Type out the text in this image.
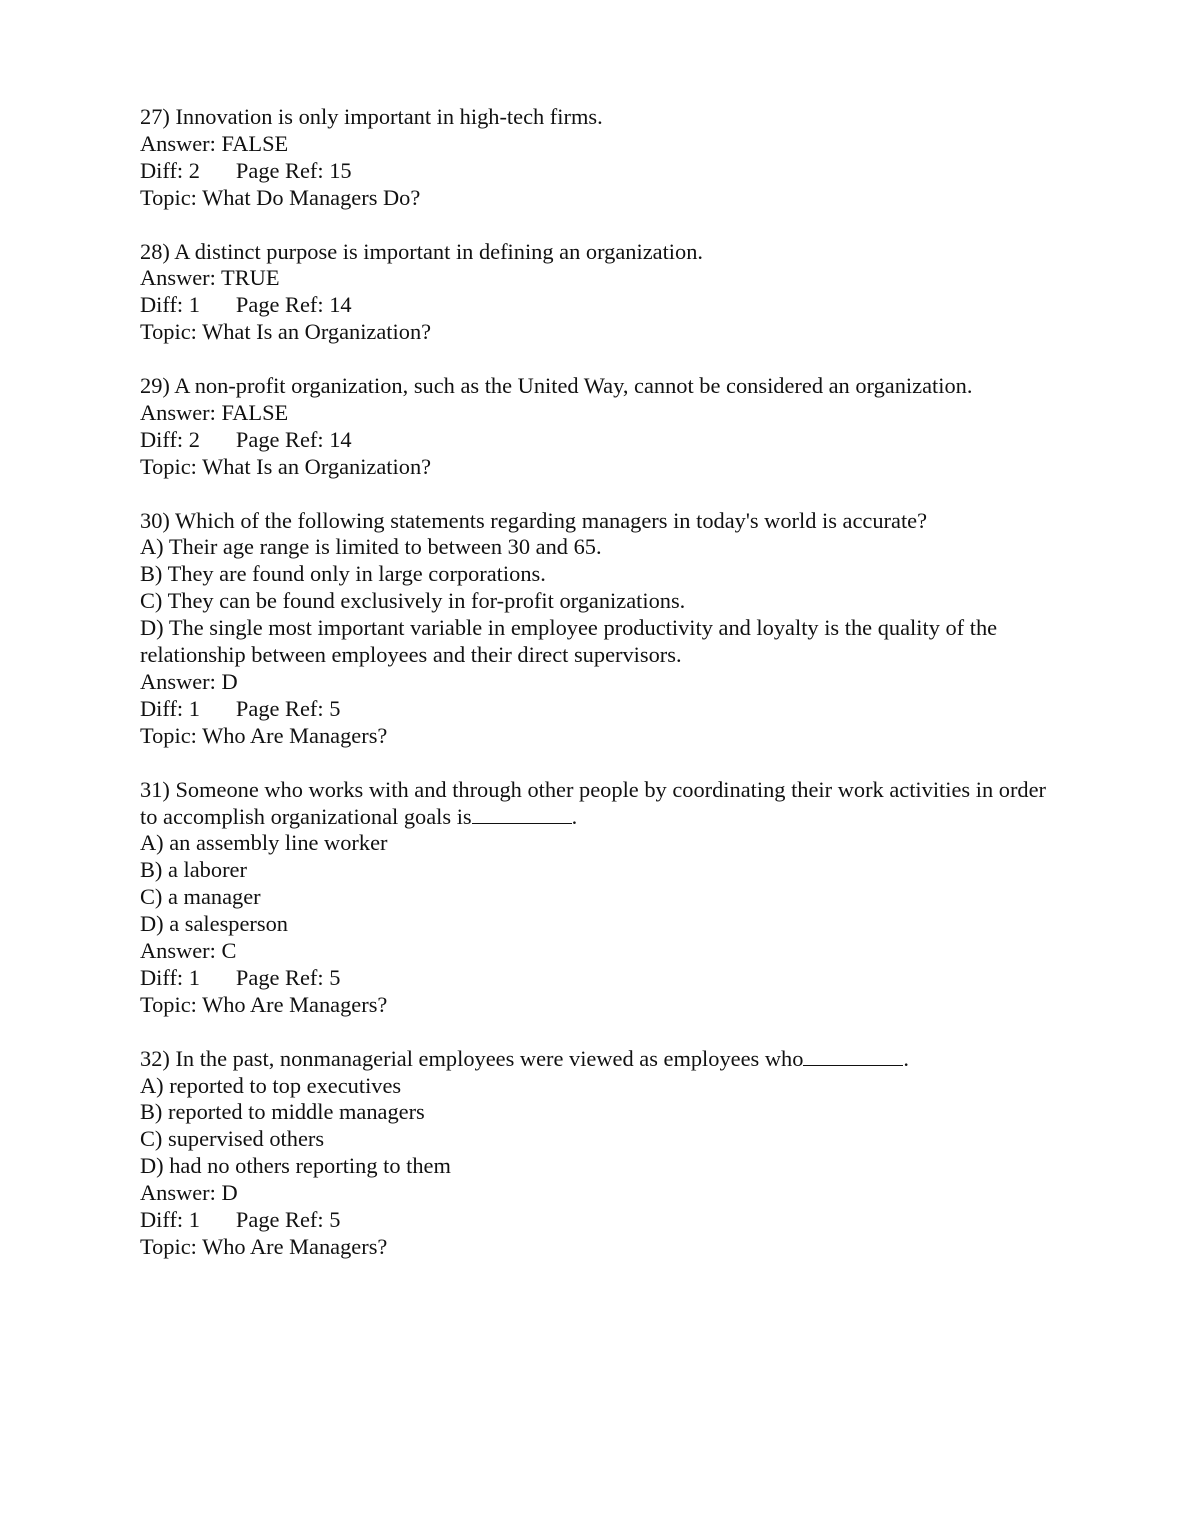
27) Innovation is only important in high-tech firms.
Answer: FALSE
Diff: 2 Page Ref: 15
Topic: What Do Managers Do?
28) A distinct purpose is important in defining an organization.
Answer: TRUE
Diff: 1 Page Ref: 14
Topic: What Is an Organization?
29) A non-profit organization, such as the United Way, cannot be considered an organization.
Answer: FALSE
Diff: 2 Page Ref: 14
Topic: What Is an Organization?
30) Which of the following statements regarding managers in today's world is accurate?
A) Their age range is limited to between 30 and 65.
B) They are found only in large corporations.
C) They can be found exclusively in for-profit organizations.
D) The single most important variable in employee productivity and loyalty is the quality of the relationship between employees and their direct supervisors.
Answer: D
Diff: 1 Page Ref: 5
Topic: Who Are Managers?
31) Someone who works with and through other people by coordinating their work activities in order to accomplish organizational goals is	.
A) an assembly line worker
B) a laborer
C) a manager
D) a salesperson
Answer: C
Diff: 1 Page Ref: 5
Topic: Who Are Managers?
32) In the past, nonmanagerial employees were viewed as employees who	.
A) reported to top executives
B) reported to middle managers
C) supervised others
D) had no others reporting to them
Answer: D
Diff: 1 Page Ref: 5
Topic: Who Are Managers?
